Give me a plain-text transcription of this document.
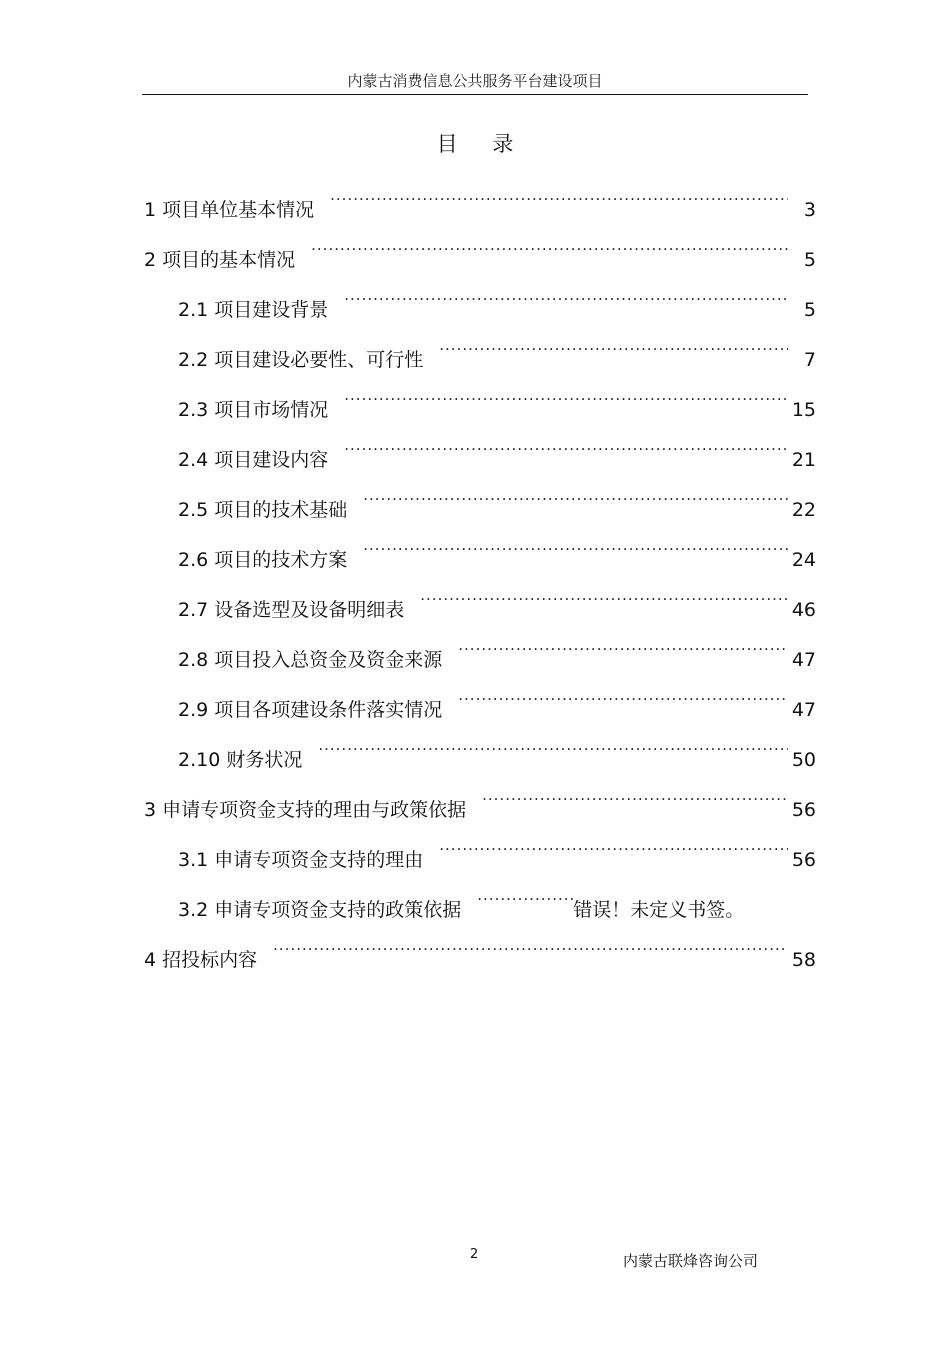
内蒙古消费信息公共服务平台建设项目
目 录
1 项目单位基本情况 .....	3
2 项目的基本情况 .....	5
2.1 项目建设背景 .....	5
2.2 项目建设必要性、可行性 .....	7
2.3 项目市场情况 .....	15
2.4 项目建设内容 .....	21
2.5 项目的技术基础 .....	22
2.6 项目的技术方案 .....	24
2.7 设备选型及设备明细表 .....	46
2.8 项目投入总资金及资金来源 .....	47
2.9 项目各项建设条件落实情况 .....	47
2.10 财务状况 .....	50
3 申请专项资金支持的理由与政策依据 .....	56
3.1 申请专项资金支持的理由 .....	56
3.2 申请专项资金支持的政策依据 .....	错误！未定义书签。
4 招投标内容 .....	58
2	内蒙古联烽咨询公司
